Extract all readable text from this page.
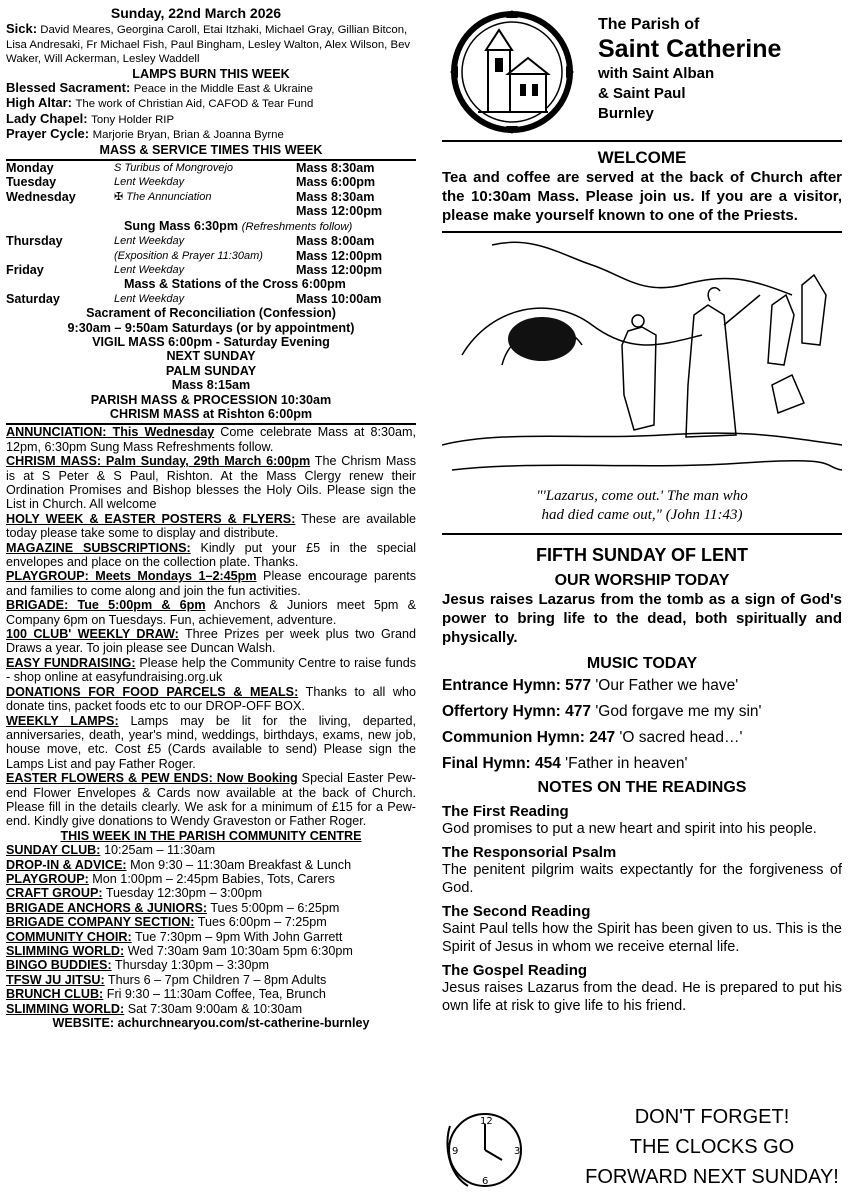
Sunday, 22nd March 2026
Sick: David Meares, Georgina Caroll, Etai Itzhaki, Michael Gray, Gillian Bitcon, Lisa Andresaki, Fr Michael Fish, Paul Bingham, Lesley Walton, Alex Wilson, Bev Waker, Will Ackerman, Lesley Waddell
LAMPS BURN THIS WEEK
Blessed Sacrament: Peace in the Middle East & Ukraine
High Altar: The work of Christian Aid, CAFOD & Tear Fund
Lady Chapel: Tony Holder RIP
Prayer Cycle: Marjorie Bryan, Brian & Joanna Byrne
MASS & SERVICE TIMES THIS WEEK
Monday	S Turibus of Mongrovejo	Mass 8:30am
Tuesday	Lent Weekday	Mass 6:00pm
Wednesday	✠ The Annunciation	Mass 8:30am
Mass 12:00pm
Sung Mass 6:30pm (Refreshments follow)
Thursday	Lent Weekday	Mass 8:00am
(Exposition & Prayer 11:30am)	Mass 12:00pm
Friday	Lent Weekday	Mass 12:00pm
Mass & Stations of the Cross 6:00pm
Saturday	Lent Weekday	Mass 10:00am
Sacrament of Reconciliation (Confession)
9:30am – 9:50am Saturdays (or by appointment)
VIGIL MASS 6:00pm - Saturday Evening
NEXT SUNDAY
PALM SUNDAY
Mass 8:15am
PARISH MASS & PROCESSION 10:30am
CHRISM MASS at Rishton 6:00pm
ANNUNCIATION: This Wednesday Come celebrate Mass at 8:30am, 12pm, 6:30pm Sung Mass Refreshments follow.
CHRISM MASS: Palm Sunday, 29th March 6:00pm The Chrism Mass is at S Peter & S Paul, Rishton. At the Mass Clergy renew their Ordination Promises and Bishop blesses the Holy Oils. Please sign the List in Church. All welcome
HOLY WEEK & EASTER POSTERS & FLYERS: These are available today please take some to display and distribute.
MAGAZINE SUBSCRIPTIONS: Kindly put your £5 in the special envelopes and place on the collection plate. Thanks.
PLAYGROUP: Meets Mondays 1–2:45pm Please encourage parents and families to come along and join the fun activities.
BRIGADE: Tue 5:00pm & 6pm Anchors & Juniors meet 5pm & Company 6pm on Tuesdays. Fun, achievement, adventure.
100 CLUB' WEEKLY DRAW: Three Prizes per week plus two Grand Draws a year. To join please see Duncan Walsh.
EASY FUNDRAISING: Please help the Community Centre to raise funds - shop online at easyfundraising.org.uk
DONATIONS FOR FOOD PARCELS & MEALS: Thanks to all who donate tins, packet foods etc to our DROP-OFF BOX.
WEEKLY LAMPS: Lamps may be lit for the living, departed, anniversaries, death, year's mind, weddings, birthdays, exams, new job, house move, etc. Cost £5 (Cards available to send) Please sign the Lamps List and pay Father Roger.
EASTER FLOWERS & PEW ENDS: Now Booking Special Easter Pew-end Flower Envelopes & Cards now available at the back of Church. Please fill in the details clearly. We ask for a minimum of £15 for a Pew-end. Kindly give donations to Wendy Graveston or Father Roger.
THIS WEEK IN THE PARISH COMMUNITY CENTRE
SUNDAY CLUB: 10:25am – 11:30am
DROP-IN & ADVICE: Mon 9:30 – 11:30am Breakfast & Lunch
PLAYGROUP: Mon 1:00pm – 2:45pm Babies, Tots, Carers
CRAFT GROUP: Tuesday 12:30pm – 3:00pm
BRIGADE ANCHORS & JUNIORS: Tues 5:00pm – 6:25pm
BRIGADE COMPANY SECTION: Tues 6:00pm – 7:25pm
COMMUNITY CHOIR: Tue 7:30pm – 9pm With John Garrett
SLIMMING WORLD: Wed 7:30am 9am 10:30am 5pm 6:30pm
BINGO BUDDIES: Thursday 1:30pm – 3:30pm
TFSW JU JITSU: Thurs 6 – 7pm Children 7 – 8pm Adults
BRUNCH CLUB: Fri 9:30 – 11:30am Coffee, Tea, Brunch
SLIMMING WORLD: Sat 7:30am 9:00am & 10:30am
WEBSITE: achurchnearyou.com/st-catherine-burnley
The Parish of
Saint Catherine
with Saint Alban
& Saint Paul
Burnley
WELCOME
Tea and coffee are served at the back of Church after the 10:30am Mass. Please join us. If you are a visitor, please make yourself known to one of the Priests.
"'Lazarus, come out.' The man who
had died came out," (John 11:43)
FIFTH SUNDAY OF LENT
OUR WORSHIP TODAY
Jesus raises Lazarus from the tomb as a sign of God's power to bring life to the dead, both spiritually and physically.
MUSIC TODAY
Entrance Hymn: 577 'Our Father we have'
Offertory Hymn: 477 'God forgave me my sin'
Communion Hymn: 247 'O sacred head…'
Final Hymn: 454 'Father in heaven'
NOTES ON THE READINGS
The First Reading
God promises to put a new heart and spirit into his people.
The Responsorial Psalm
The penitent pilgrim waits expectantly for the forgiveness of God.
The Second Reading
Saint Paul tells how the Spirit has been given to us. This is the Spirit of Jesus in whom we receive eternal life.
The Gospel Reading
Jesus raises Lazarus from the dead. He is prepared to put his own life at risk to give life to his friend.
12
3
6
9
DON'T FORGET!
THE CLOCKS GO
FORWARD NEXT SUNDAY!
